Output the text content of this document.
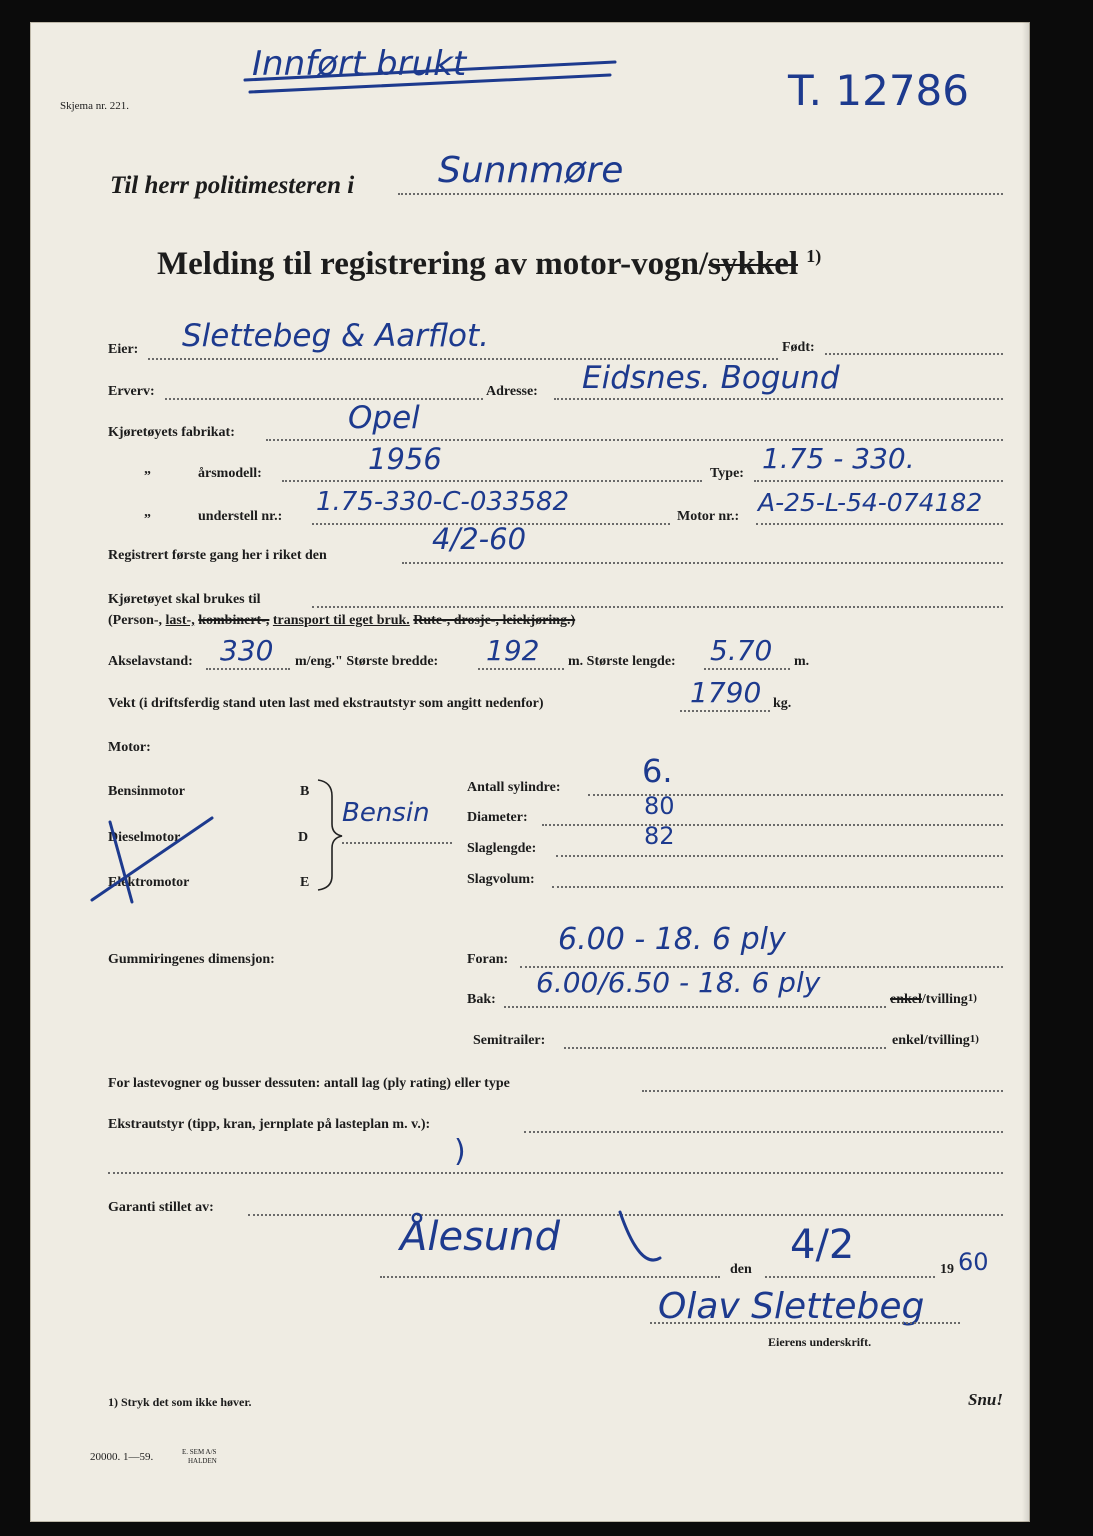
Innført brukt
Skjema nr. 221.	T. 12786
Til herr politimesteren i Sunnmøre
Melding til registrering av motor-vogn/sykkel $^{1)}$
Eier: Slettebeg & Aarflot.	Født:
Erverv:	Adresse: Eidsnes. Bogund
Kjøretøyets fabrikat:	Opel
„	årsmodell:	1956	Type: 1.75 - 330.
„	understell nr.: 1.75-330-C-033582	Motor nr.: A-25-L-54-074182
Registrert første gang her i riket den	4/2-60
Kjøretøyet skal brukes til
(Person-, last-, kombinert-, transport til eget bruk. Rute-, drosje-, leiekjøring.)
Akselavstand: 330 m/eng." Største bredde: 192 m. Største lengde: 5.70 m.
Vekt (i driftsferdig stand uten last med ekstrautstyr som angitt nedenfor)	1790 kg.
Motor:
Bensinmotor	B
Dieselmotor	D
Elektromotor	E
Bensin
Antall sylindre:	6.
Diameter:	80
Slaglengde:	82
Slagvolum:
Gummiringenes dimensjon:	Foran:
6.00 - 18. 6 ply
Bak:
6.00/6.50 - 18. 6 ply
enkel/tvilling$^{1)}$
Semitrailer:	enkel/tvilling$^{1)}$
For lastevogner og busser dessuten: antall lag (ply rating) eller type
Ekstrautstyr (tipp, kran, jernplate på lasteplan m. v.):
)
Garanti stillet av:
Ålesund
den
4/2
19 60
Olav Slettebeg
Eierens underskrift.
1) Stryk det som ikke høver.	Snu!
20000. 1—59.	E. SEM A/S
HALDEN
